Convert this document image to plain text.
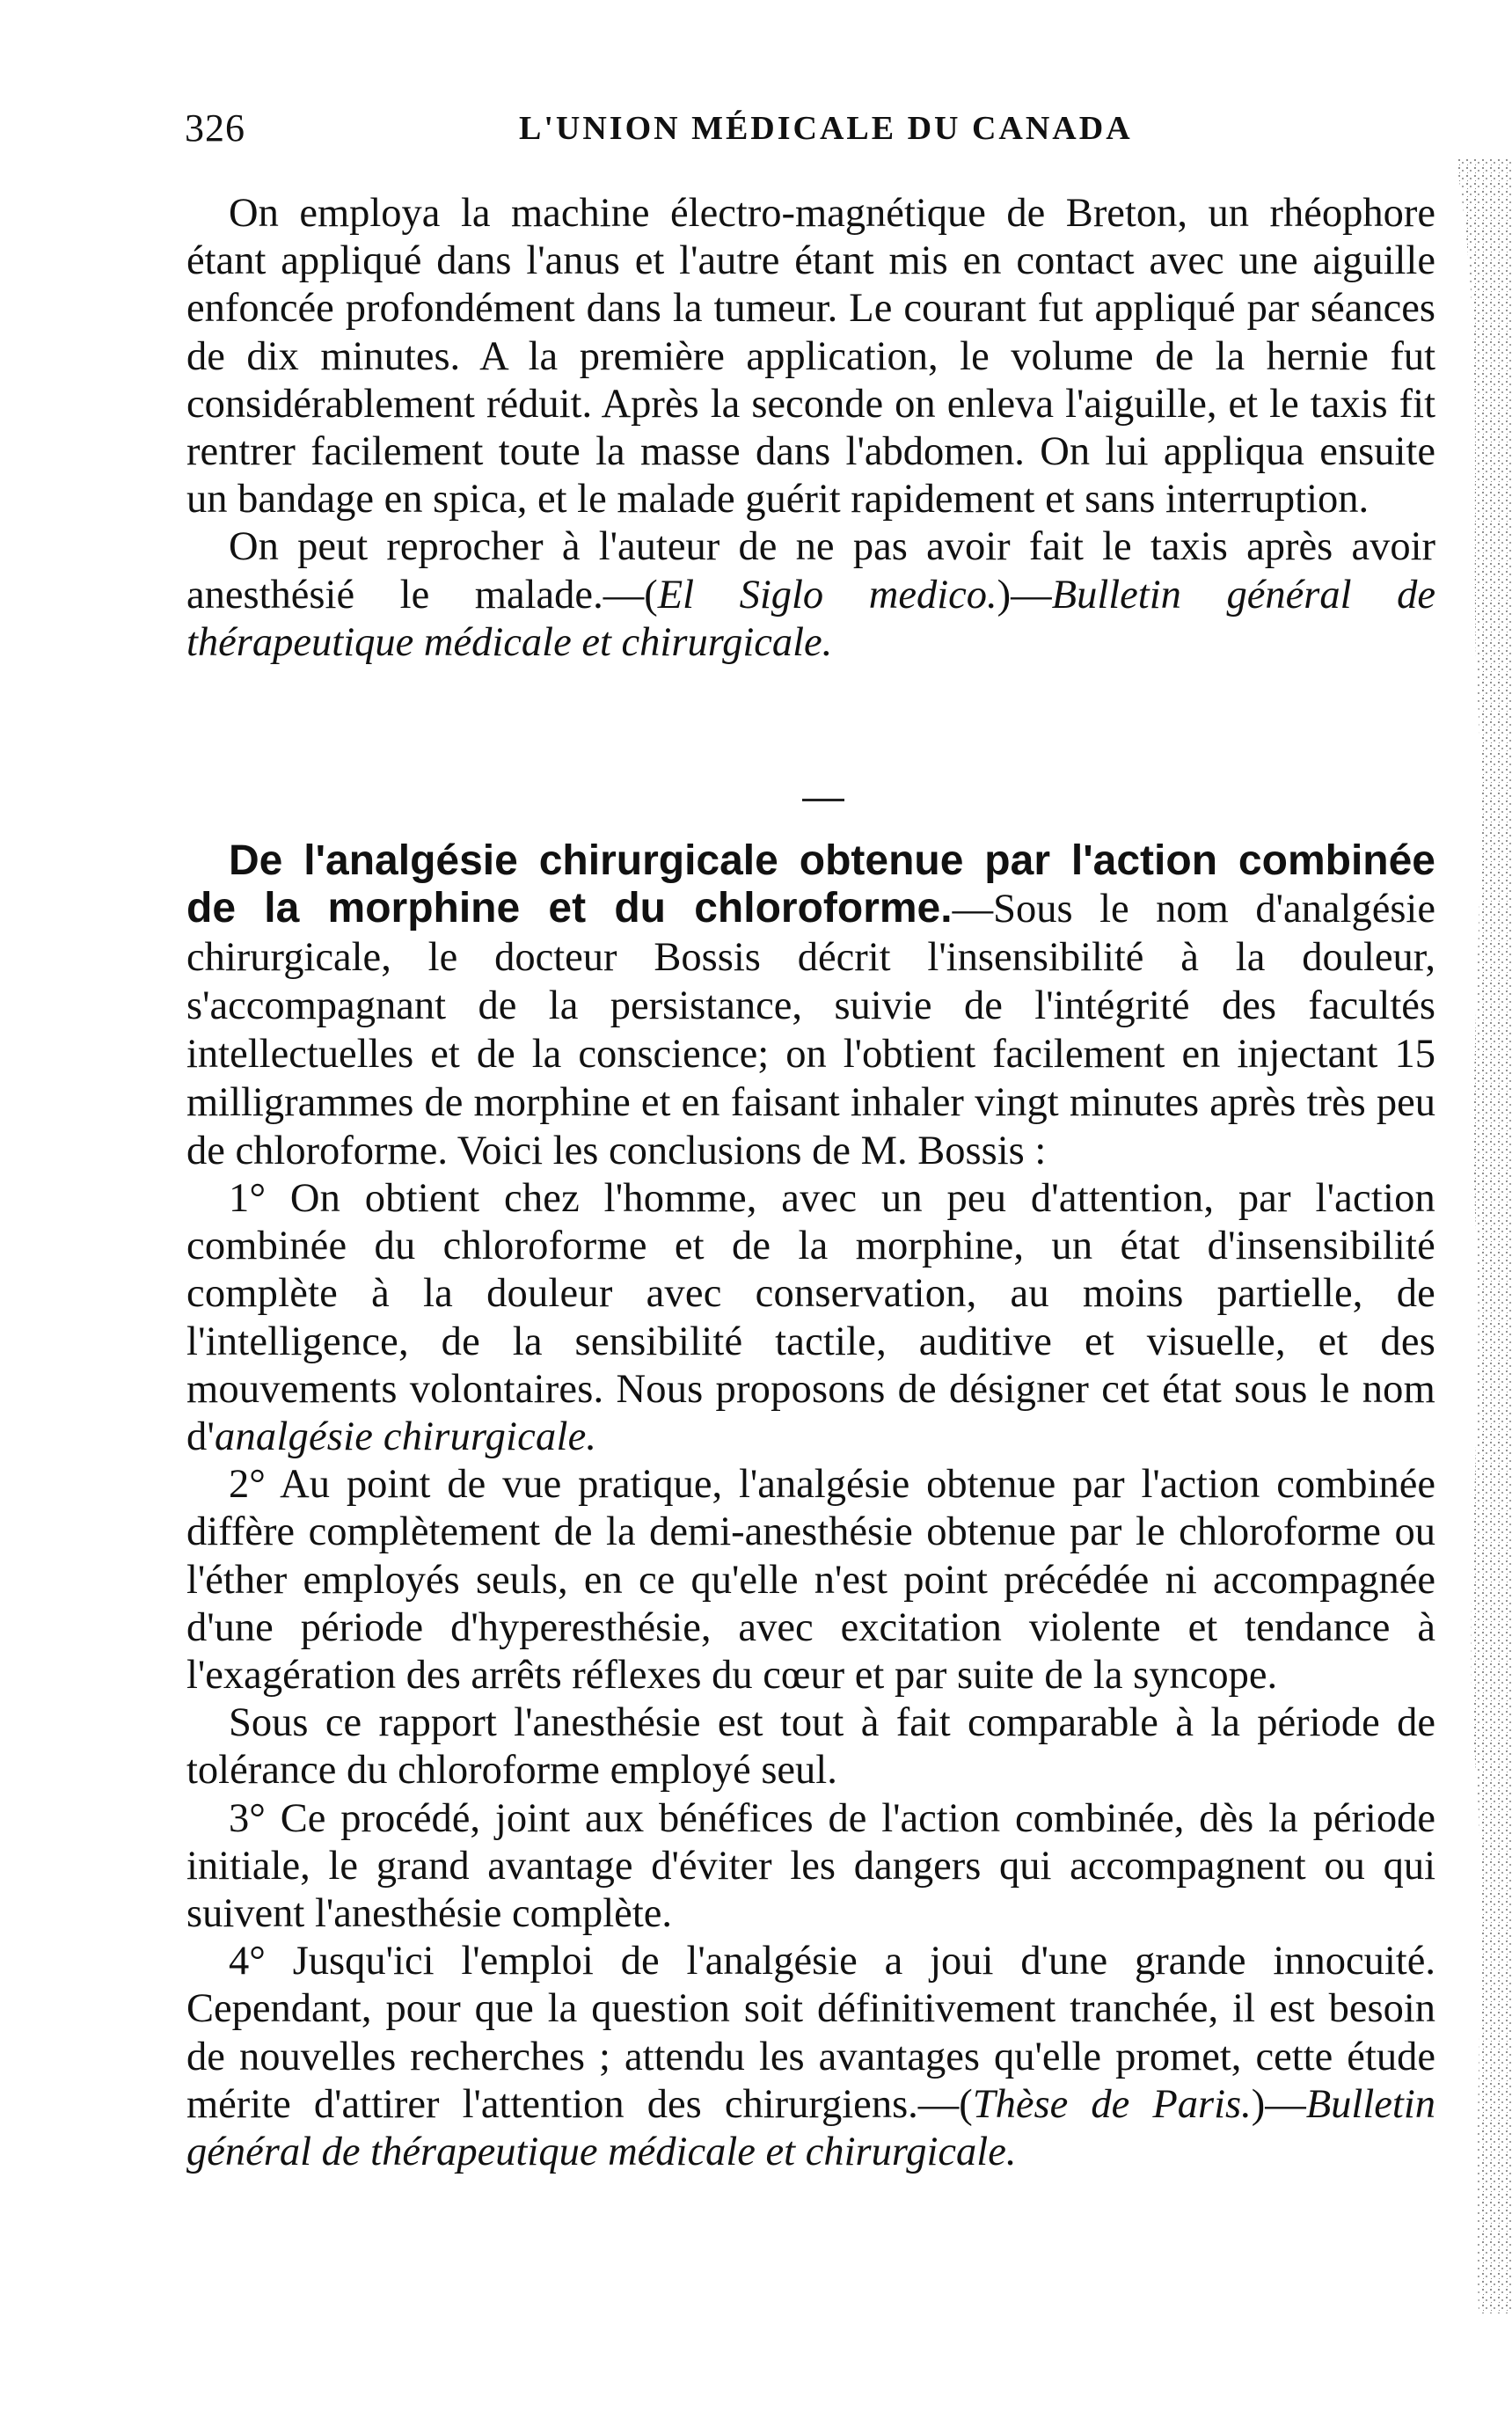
326	L'UNION MÉDICALE DU CANADA

On employa la machine électro-magnétique de Breton, un rhéophore étant appliqué dans l'anus et l'autre étant mis en contact avec une aiguille enfoncée profondément dans la tumeur. Le courant fut appliqué par séances de dix minutes. A la première application, le volume de la hernie fut considérablement réduit. Après la seconde on enleva l'aiguille, et le taxis fit rentrer facilement toute la masse dans l'abdomen. On lui appliqua ensuite un bandage en spica, et le malade guérit rapidement et sans interruption.

On peut reprocher à l'auteur de ne pas avoir fait le taxis après avoir anesthésié le malade.—(El Siglo medico.)—Bulletin général de thérapeutique médicale et chirurgicale.

De l'analgésie chirurgicale obtenue par l'action combinée de la morphine et du chloroforme.—Sous le nom d'analgésie chirurgicale, le docteur Bossis décrit l'insensibilité à la douleur, s'accompagnant de la persistance, suivie de l'intégrité des facultés intellectuelles et de la conscience; on l'obtient facilement en injectant 15 milligrammes de morphine et en faisant inhaler vingt minutes après très peu de chloroforme. Voici les conclusions de M. Bossis :

1° On obtient chez l'homme, avec un peu d'attention, par l'action combinée du chloroforme et de la morphine, un état d'insensibilité complète à la douleur avec conservation, au moins partielle, de l'intelligence, de la sensibilité tactile, auditive et visuelle, et des mouvements volontaires. Nous proposons de désigner cet état sous le nom d'analgésie chirurgicale.

2° Au point de vue pratique, l'analgésie obtenue par l'action combinée diffère complètement de la demi-anesthésie obtenue par le chloroforme ou l'éther employés seuls, en ce qu'elle n'est point précédée ni accompagnée d'une période d'hyperesthésie, avec excitation violente et tendance à l'exagération des arrêts réflexes du cœur et par suite de la syncope.

Sous ce rapport l'anesthésie est tout à fait comparable à la période de tolérance du chloroforme employé seul.

3° Ce procédé, joint aux bénéfices de l'action combinée, dès la période initiale, le grand avantage d'éviter les dangers qui accompagnent ou qui suivent l'anesthésie complète.

4° Jusqu'ici l'emploi de l'analgésie a joui d'une grande innocuité. Cependant, pour que la question soit définitivement tranchée, il est besoin de nouvelles recherches ; attendu les avantages qu'elle promet, cette étude mérite d'attirer l'attention des chirurgiens.—(Thèse de Paris.)—Bulletin général de thérapeutique médicale et chirurgicale.
